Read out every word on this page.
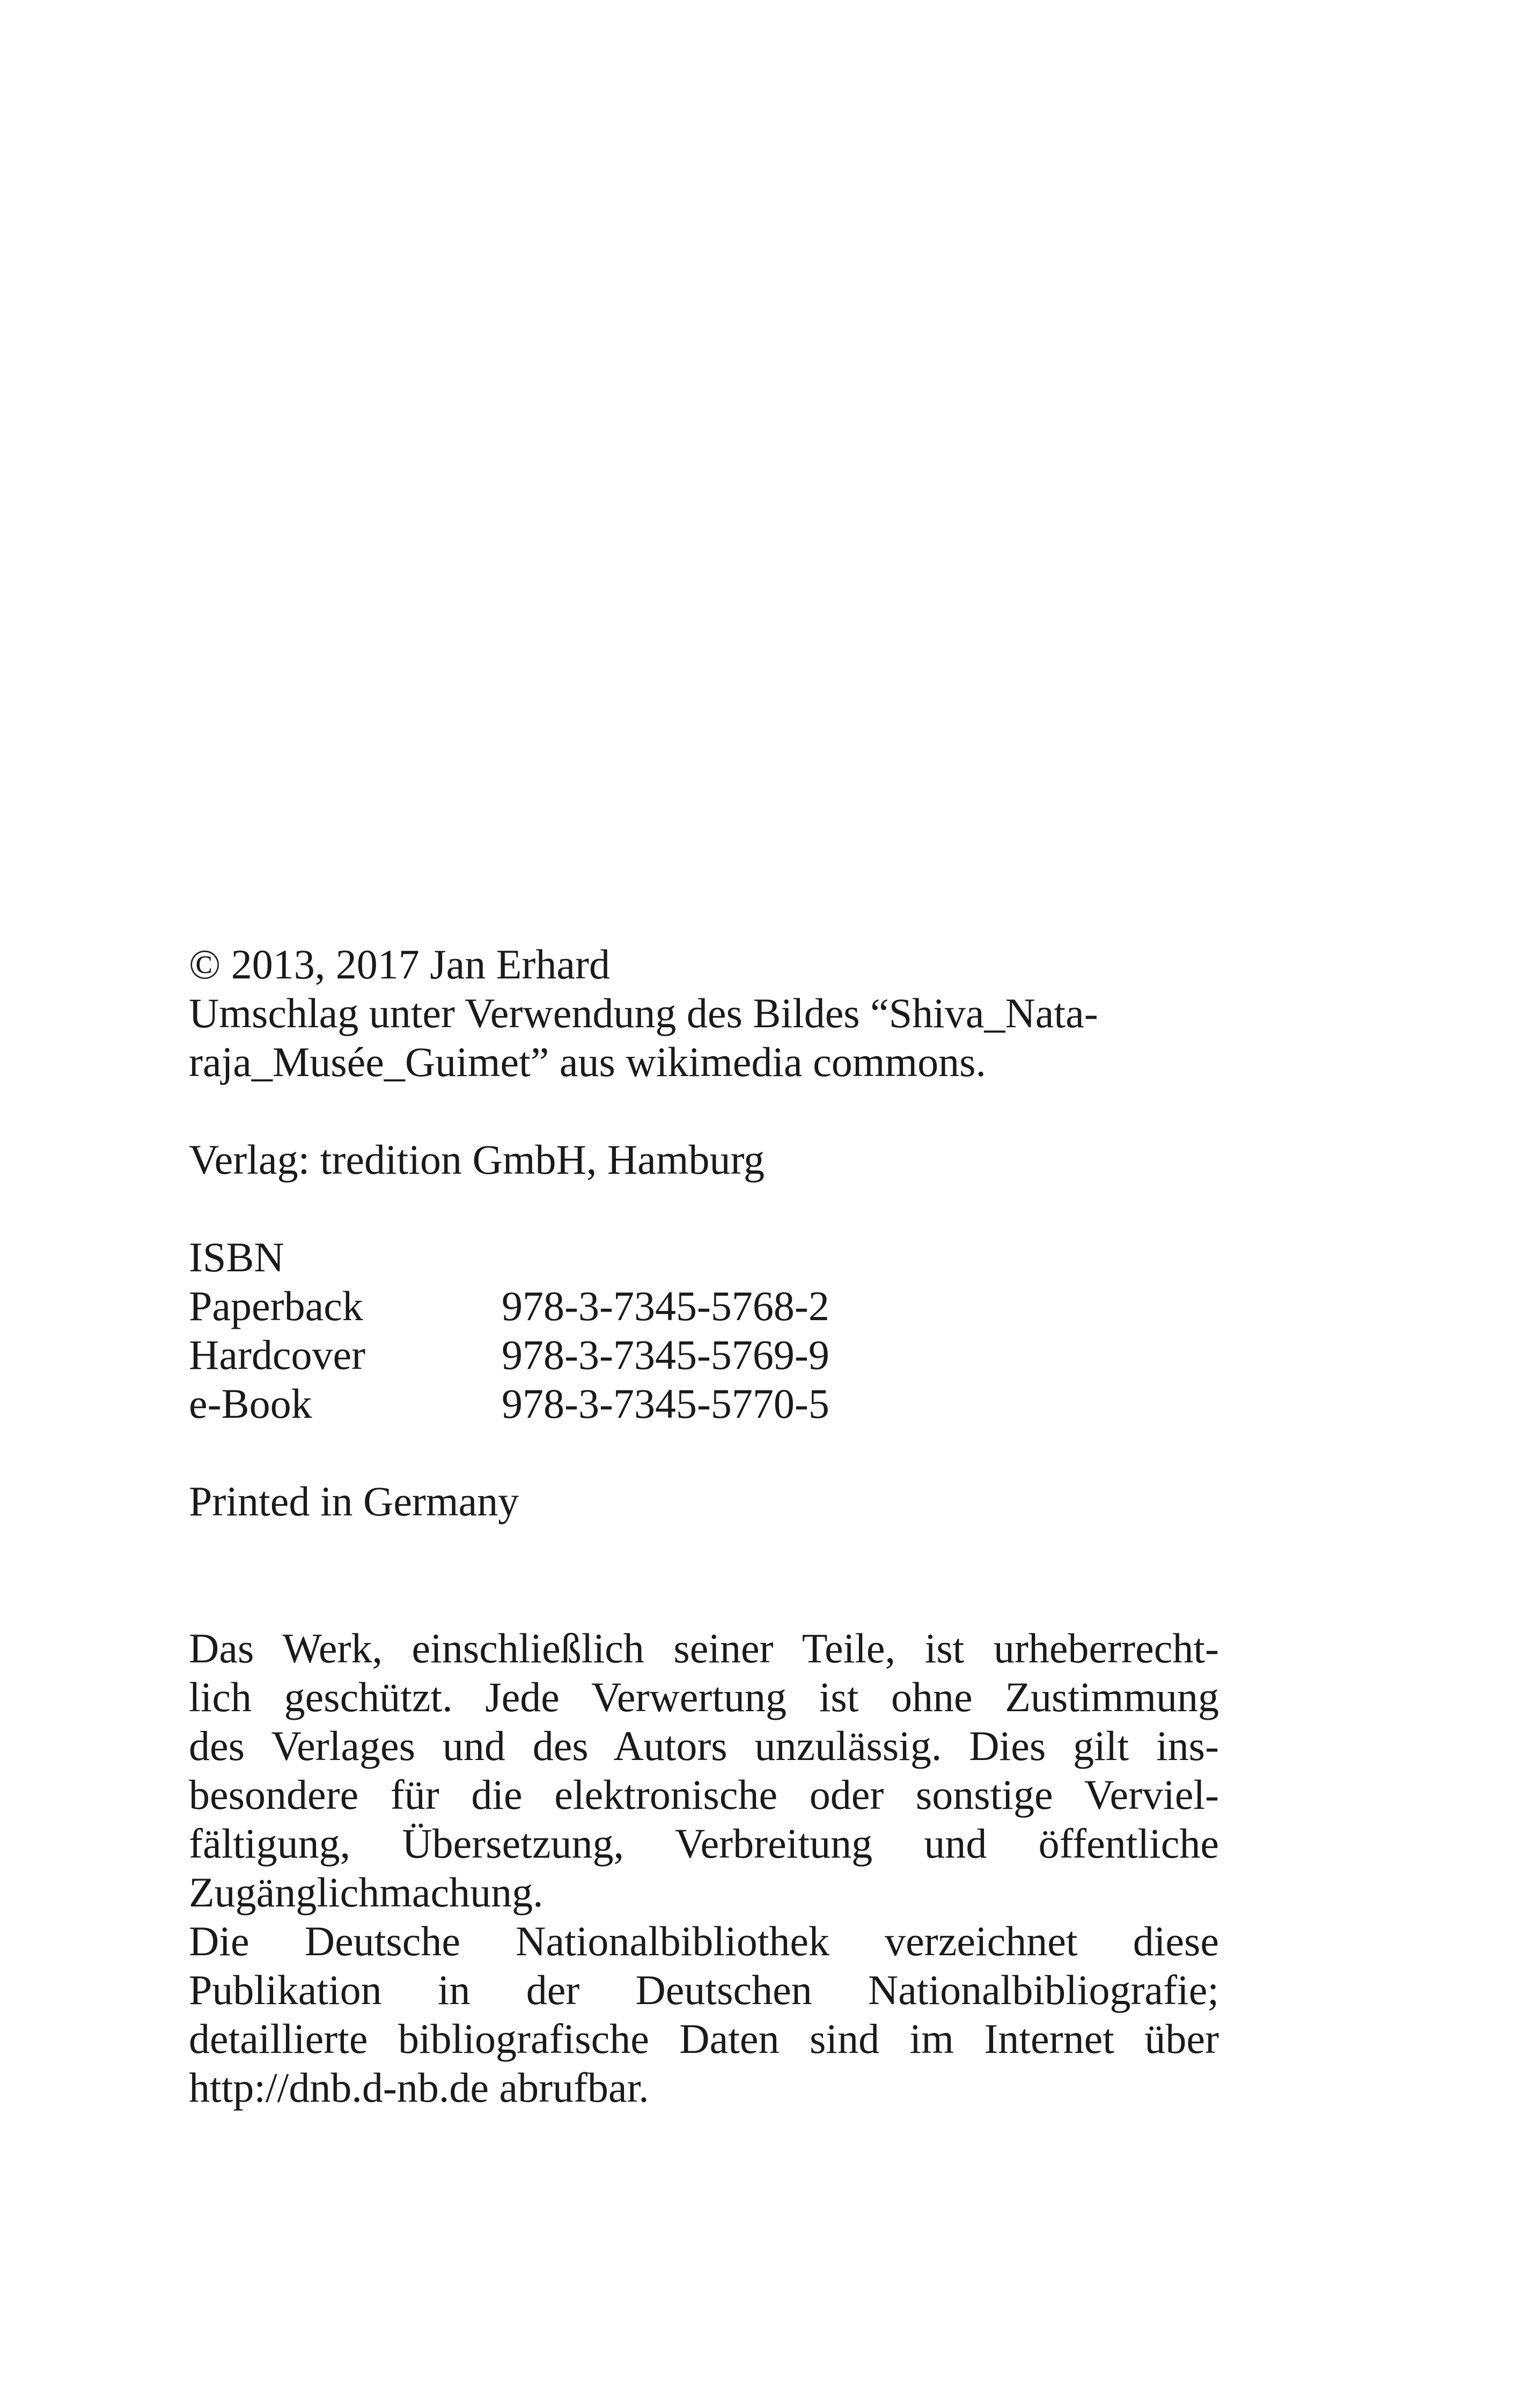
© 2013, 2017 Jan Erhard
Umschlag unter Verwendung des Bildes “Shiva_Nata-
raja_Musée_Guimet” aus wikimedia commons.
Verlag: tredition GmbH, Hamburg
ISBN
Paperback	978-3-7345-5768-2
Hardcover	978-3-7345-5769-9
e-Book	978-3-7345-5770-5
Printed in Germany
Das Werk, einschließlich seiner Teile, ist urheberrecht-
lich geschützt. Jede Verwertung ist ohne Zustimmung
des Verlages und des Autors unzulässig. Dies gilt ins-
besondere für die elektronische oder sonstige Verviel-
fältigung, Übersetzung, Verbreitung und öffentliche
Zugänglichmachung.
Die Deutsche Nationalbibliothek verzeichnet diese
Publikation in der Deutschen Nationalbibliografie;
detaillierte bibliografische Daten sind im Internet über
http://dnb.d-nb.de abrufbar.
